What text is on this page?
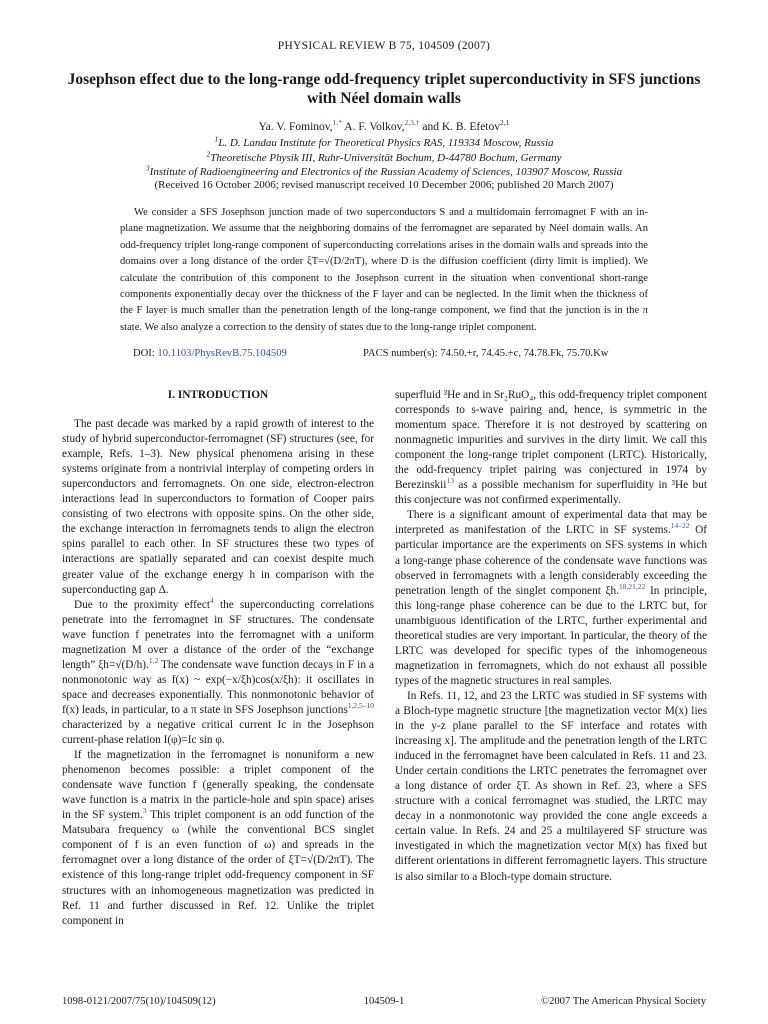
PHYSICAL REVIEW B 75, 104509 (2007)
Josephson effect due to the long-range odd-frequency triplet superconductivity in SFS junctions
with Néel domain walls
Ya. V. Fominov,$^{1,*}$ A. F. Volkov,$^{2,3,\dagger}$ and K. B. Efetov$^{2,1}$
$^1$L. D. Landau Institute for Theoretical Physics RAS, 119334 Moscow, Russia
$^2$Theoretische Physik III, Ruhr-Universität Bochum, D-44780 Bochum, Germany
$^3$Institute of Radioengineering and Electronics of the Russian Academy of Sciences, 103907 Moscow, Russia
(Received 16 October 2006; revised manuscript received 10 December 2006; published 20 March 2007)

We consider a SFS Josephson junction made of two superconductors S and a multidomain ferromagnet F with an in-plane magnetization. We assume that the neighboring domains of the ferromagnet are separated by Néel domain walls. An odd-frequency triplet long-range component of superconducting correlations arises in the domain walls and spreads into the domains over a long distance of the order ξT=√(D/2πT), where D is the diffusion coefficient (dirty limit is implied). We calculate the contribution of this component to the Josephson current in the situation when conventional short-range components exponentially decay over the thickness of the F layer and can be neglected. In the limit when the thickness of the F layer is much smaller than the penetration length of the long-range component, we find that the junction is in the π state. We also analyze a correction to the density of states due to the long-range triplet component.

DOI: 10.1103/PhysRevB.75.104509	PACS number(s): 74.50.+r, 74.45.+c, 74.78.Fk, 75.70.Kw
I. INTRODUCTION

The past decade was marked by a rapid growth of interest to the study of hybrid superconductor-ferromagnet (SF) structures (see, for example, Refs. 1–3). New physical phenomena arising in these systems originate from a nontrivial interplay of competing orders in superconductors and ferromagnets. On one side, electron-electron interactions lead in superconductors to formation of Cooper pairs consisting of two electrons with opposite spins. On the other side, the exchange interaction in ferromagnets tends to align the electron spins parallel to each other. In SF structures these two types of interactions are spatially separated and can coexist despite much greater value of the exchange energy h in comparison with the superconducting gap Δ.

Due to the proximity effect$^4$ the superconducting correlations penetrate into the ferromagnet in SF structures. The condensate wave function f penetrates into the ferromagnet with a uniform magnetization M over a distance of the order of the “exchange length” ξh=√(D/h).$^{1,2}$ The condensate wave function decays in F in a nonmonotonic way as f(x) ~ exp(−x/ξh)cos(x/ξh): it oscillates in space and decreases exponentially. This nonmonotonic behavior of f(x) leads, in particular, to a π state in SFS Josephson junctions$^{1,2,5-10}$ characterized by a negative critical current Ic in the Josephson current-phase relation I(φ)=Ic sin φ.

If the magnetization in the ferromagnet is nonuniform a new phenomenon becomes possible: a triplet component of the condensate wave function f (generally speaking, the condensate wave function is a matrix in the particle-hole and spin space) arises in the SF system.$^3$ This triplet component is an odd function of the Matsubara frequency ω (while the conventional BCS singlet component of f is an even function of ω) and spreads in the ferromagnet over a long distance of the order of ξT=√(D/2πT). The existence of this long-range triplet odd-frequency component in SF structures with an inhomogeneous magnetization was predicted in Ref. 11 and further discussed in Ref. 12. Unlike the triplet component in

superfluid ³He and in Sr₂RuO₄, this odd-frequency triplet component corresponds to s-wave pairing and, hence, is symmetric in the momentum space. Therefore it is not destroyed by scattering on nonmagnetic impurities and survives in the dirty limit. We call this component the long-range triplet component (LRTC). Historically, the odd-frequency triplet pairing was conjectured in 1974 by Berezinskii$^{13}$ as a possible mechanism for superfluidity in ³He but this conjecture was not confirmed experimentally.

There is a significant amount of experimental data that may be interpreted as manifestation of the LRTC in SF systems.$^{14-22}$ Of particular importance are the experiments on SFS systems in which a long-range phase coherence of the condensate wave functions was observed in ferromagnets with a length considerably exceeding the penetration length of the singlet component ξh.$^{18,21,22}$ In principle, this long-range phase coherence can be due to the LRTC but, for unambiguous identification of the LRTC, further experimental and theoretical studies are very important. In particular, the theory of the LRTC was developed for specific types of the inhomogeneous magnetization in ferromagnets, which do not exhaust all possible types of the magnetic structures in real samples.

In Refs. 11, 12, and 23 the LRTC was studied in SF systems with a Bloch-type magnetic structure [the magnetization vector M(x) lies in the y-z plane parallel to the SF interface and rotates with increasing x]. The amplitude and the penetration length of the LRTC induced in the ferromagnet have been calculated in Refs. 11 and 23. Under certain conditions the LRTC penetrates the ferromagnet over a long distance of order ξT. As shown in Ref. 23, where a SFS structure with a conical ferromagnet was studied, the LRTC may decay in a nonmonotonic way provided the cone angle exceeds a certain value. In Refs. 24 and 25 a multilayered SF structure was investigated in which the magnetization vector M(x) has fixed but different orientations in different ferromagnetic layers. This structure is also similar to a Bloch-type domain structure.

1098-0121/2007/75(10)/104509(12)	104509-1	©2007 The American Physical Society
